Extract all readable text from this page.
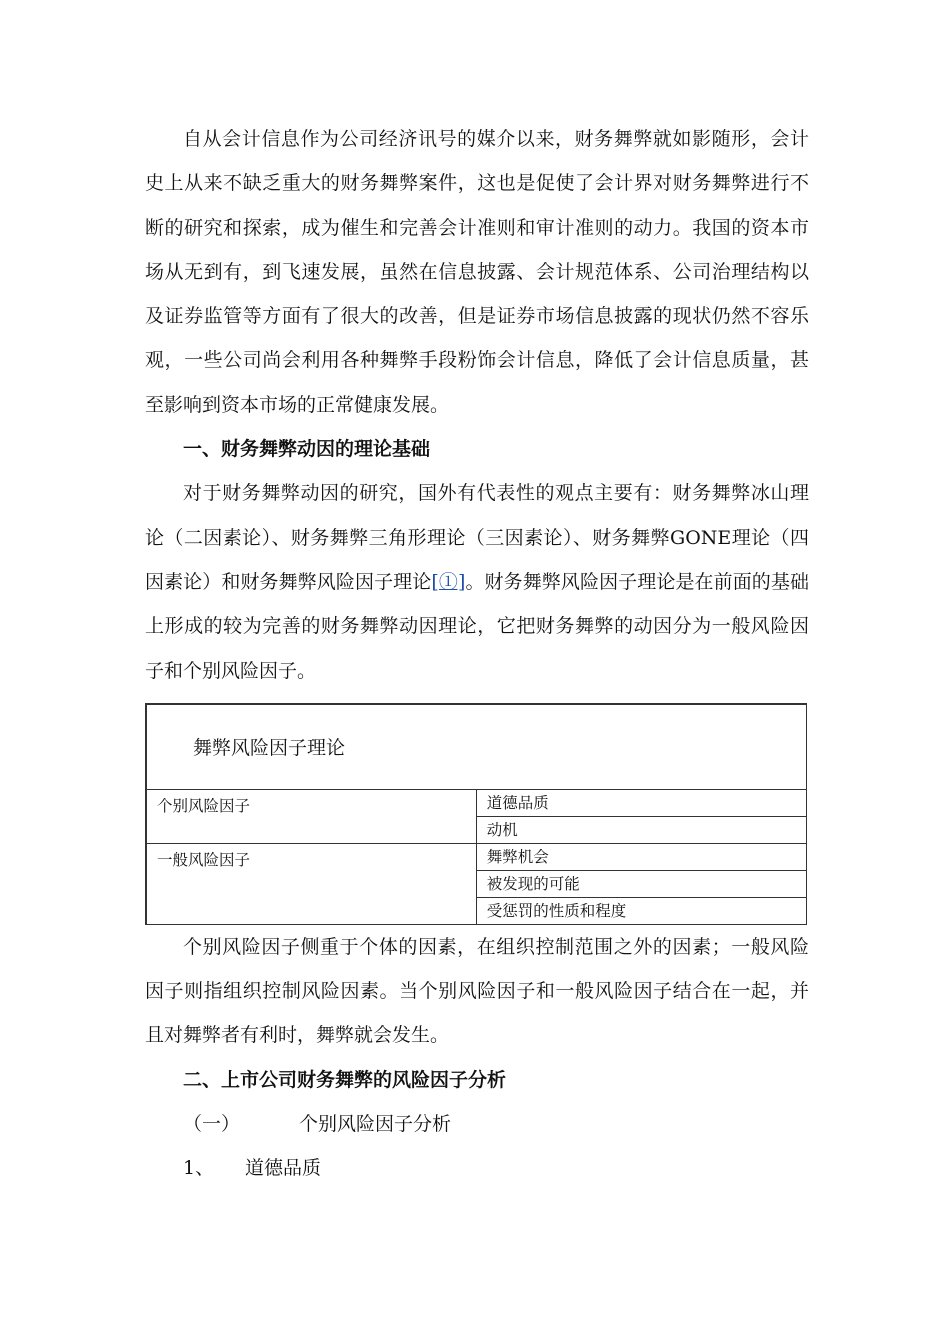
自从会计信息作为公司经济讯号的媒介以来，财务舞弊就如影随形，会计史上从来不缺乏重大的财务舞弊案件，这也是促使了会计界对财务舞弊进行不断的研究和探索，成为催生和完善会计准则和审计准则的动力。我国的资本市场从无到有，到飞速发展，虽然在信息披露、会计规范体系、公司治理结构以及证券监管等方面有了很大的改善，但是证券市场信息披露的现状仍然不容乐观，一些公司尚会利用各种舞弊手段粉饰会计信息，降低了会计信息质量，甚至影响到资本市场的正常健康发展。

一、财务舞弊动因的理论基础

对于财务舞弊动因的研究，国外有代表性的观点主要有：财务舞弊冰山理论（二因素论）、财务舞弊三角形理论（三因素论）、财务舞弊GONE理论（四因素论）和财务舞弊风险因子理论[①]。财务舞弊风险因子理论是在前面的基础上形成的较为完善的财务舞弊动因理论，它把财务舞弊的动因分为一般风险因子和个别风险因子。

舞弊风险因子理论	
个别风险因子	道德品质
	动机
一般风险因子	舞弊机会
	被发现的可能
	受惩罚的性质和程度

个别风险因子侧重于个体的因素，在组织控制范围之外的因素；一般风险因子则指组织控制风险因素。当个别风险因子和一般风险因子结合在一起，并且对舞弊者有利时，舞弊就会发生。

二、上市公司财务舞弊的风险因子分析

（一）	个别风险因子分析

1、 道德品质
